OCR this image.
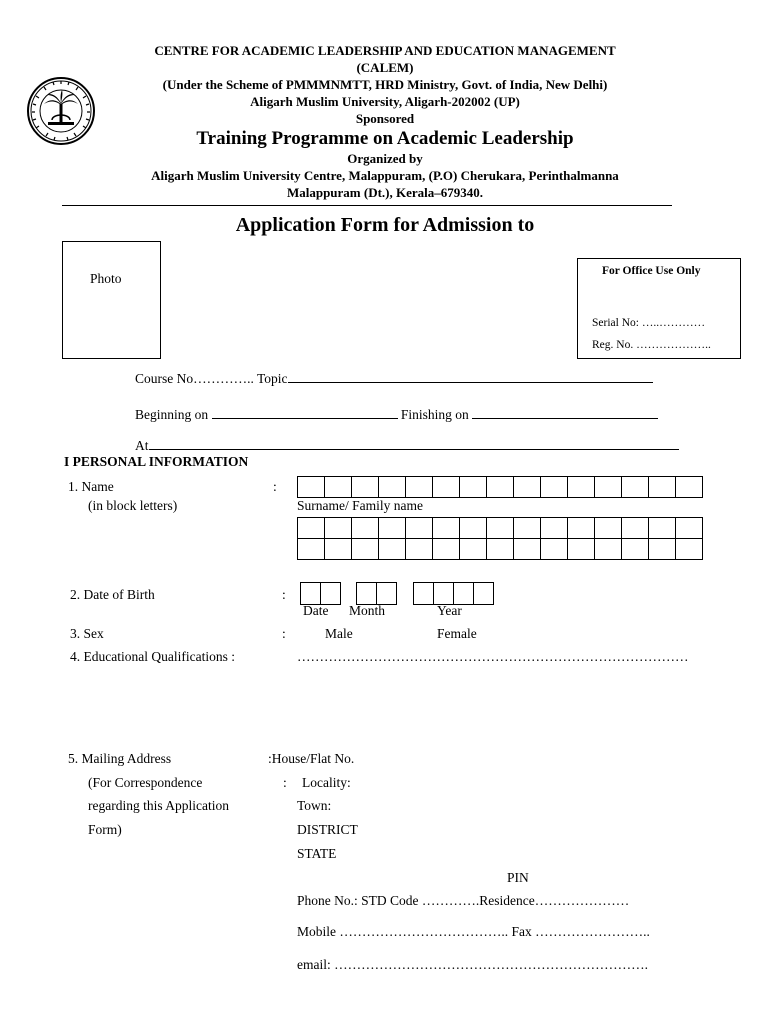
CENTRE FOR ACADEMIC LEADERSHIP AND EDUCATION MANAGEMENT
(CALEM)
(Under the Scheme of PMMMNMTT, HRD Ministry, Govt. of India, New Delhi)
Aligarh Muslim University, Aligarh-202002 (UP)
Sponsored
Training Programme on Academic Leadership
Organized by
Aligarh Muslim University Centre, Malappuram, (P.O) Cherukara, Perinthalmanna
Malappuram (Dt.), Kerala–679340.
Application Form for Admission to
Photo	For Office Use Only
Serial No: …..…………
Reg. No. ………………..
Course No………….. Topic
Beginning on	Finishing on
At
I PERSONAL INFORMATION
1. Name	:
(in block letters)
															Surname/ Family name

2. Date of Birth	:
Date Month	Year
3. Sex	:	Male	Female
4. Educational Qualifications :	……………………………………………………………………………
5. Mailing Address	:House/Flat No.
(For Correspondence	: Locality:
regarding this Application	Town:
Form)	DISTRICT
STATE
PIN
Phone No.: STD Code ………….Residence…………………
Mobile ……………………………….. Fax ……………………..
email: …………………………………………………………….
